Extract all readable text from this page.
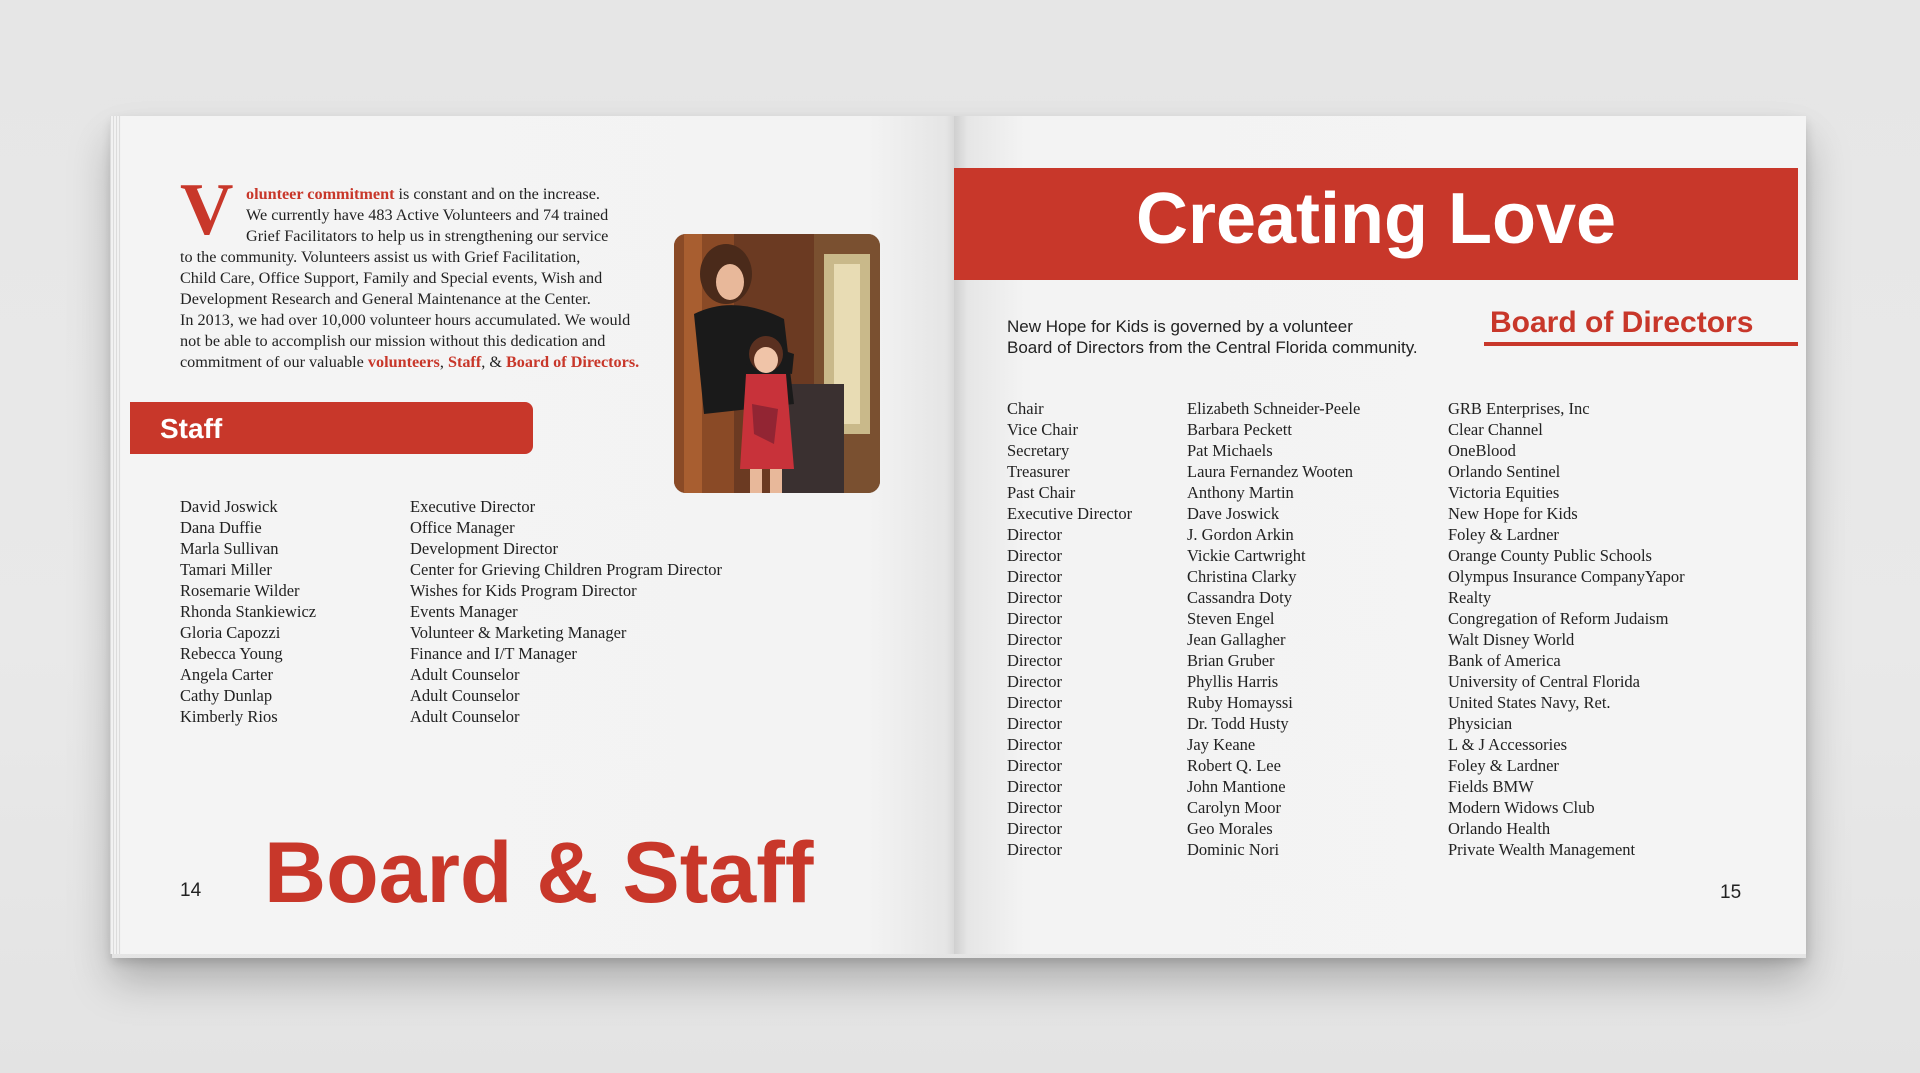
V olunteer commitment is constant and on the increase.
We currently have 483 Active Volunteers and 74 trained
Grief Facilitators to help us in strengthening our service
to the community. Volunteers assist us with Grief Facilitation,
Child Care, Office Support, Family and Special events, Wish and
Development Research and General Maintenance at the Center.
In 2013, we had over 10,000 volunteer hours accumulated. We would
not be able to accomplish our mission without this dedication and
commitment of our valuable volunteers, Staff, & Board of Directors.
Staff
David Joswick
Dana Duffie
Marla Sullivan
Tamari Miller
Rosemarie Wilder
Rhonda Stankiewicz
Gloria Capozzi
Rebecca Young
Angela Carter
Cathy Dunlap
Kimberly Rios
Executive Director
Office Manager
Development Director
Center for Grieving Children Program Director
Wishes for Kids Program Director
Events Manager
Volunteer & Marketing Manager
Finance and I/T Manager
Adult Counselor
Adult Counselor
Adult Counselor
14 Board & Staff
Creating Love
New Hope for Kids is governed by a volunteer
Board of Directors from the Central Florida community.
Board of Directors
Chair
Vice Chair
Secretary
Treasurer
Past Chair
Executive Director
Director
Director
Director
Director
Director
Director
Director
Director
Director
Director
Director
Director
Director
Director
Director
Director
Elizabeth Schneider-Peele
Barbara Peckett
Pat Michaels
Laura Fernandez Wooten
Anthony Martin
Dave Joswick
J. Gordon Arkin
Vickie Cartwright
Christina Clarky
Cassandra Doty
Steven Engel
Jean Gallagher
Brian Gruber
Phyllis Harris
Ruby Homayssi
Dr. Todd Husty
Jay Keane
Robert Q. Lee
John Mantione
Carolyn Moor
Geo Morales
Dominic Nori
GRB Enterprises, Inc
Clear Channel
OneBlood
Orlando Sentinel
Victoria Equities
New Hope for Kids
Foley & Lardner
Orange County Public Schools
Olympus Insurance CompanyYapor
Realty
Congregation of Reform Judaism
Walt Disney World
Bank of America
University of Central Florida
United States Navy, Ret.
Physician
L & J Accessories
Foley & Lardner
Fields BMW
Modern Widows Club
Orlando Health
Private Wealth Management
15
